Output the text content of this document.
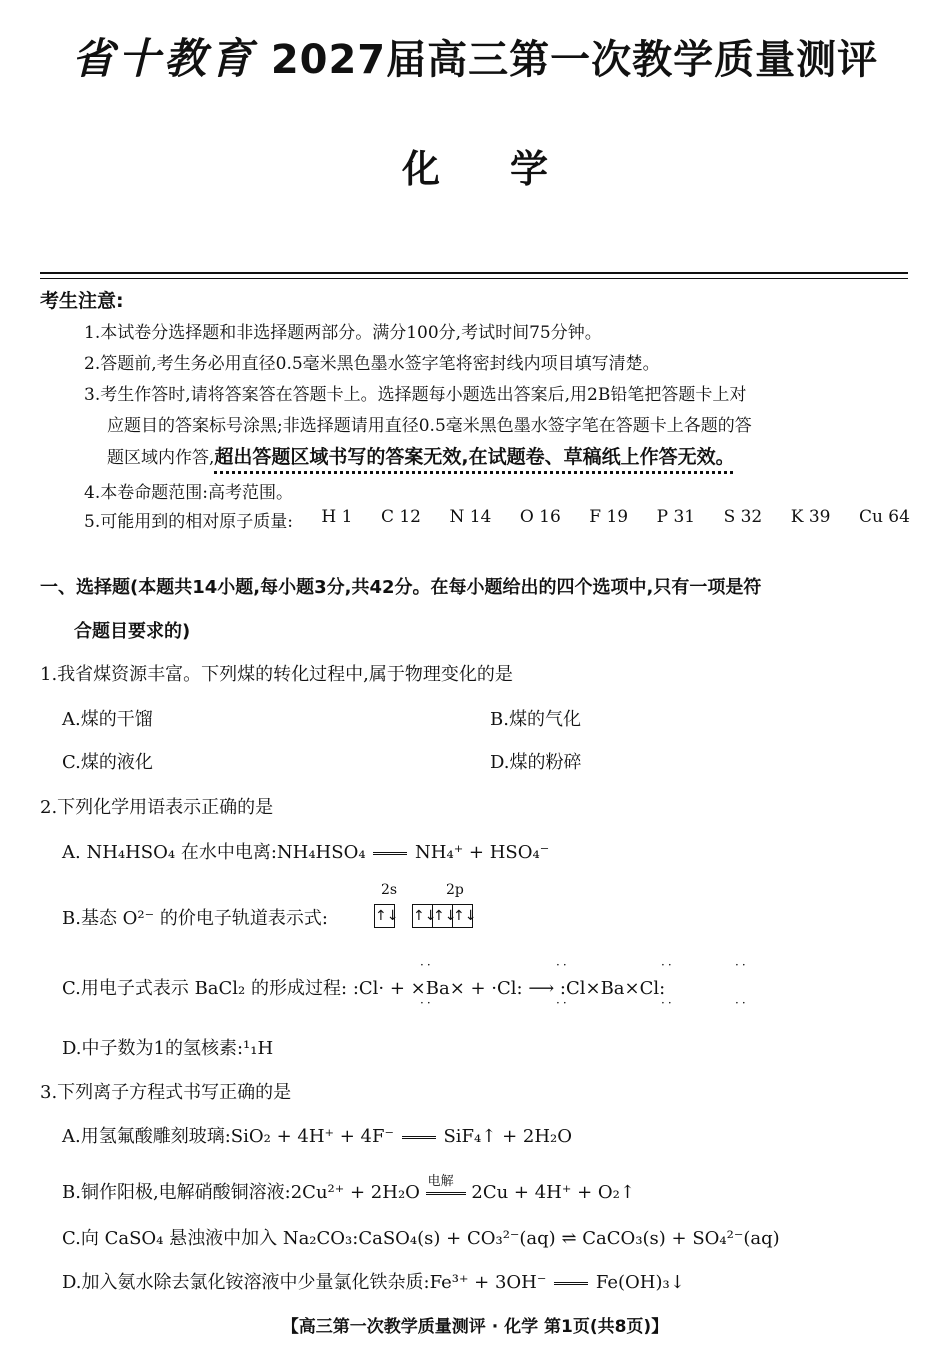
省十教育 2027届高三第一次教学质量测评
化学
考生注意:
1.本试卷分选择题和非选择题两部分。满分100分,考试时间75分钟。
2.答题前,考生务必用直径0.5毫米黑色墨水签字笔将密封线内项目填写清楚。
3.考生作答时,请将答案答在答题卡上。选择题每小题选出答案后,用2B铅笔把答题卡上对
应题目的答案标号涂黑;非选择题请用直径0.5毫米黑色墨水签字笔在答题卡上各题的答
题区域内作答,超出答题区域书写的答案无效,在试题卷、草稿纸上作答无效。
4.本卷命题范围:高考范围。
5.可能用到的相对原子质量: H 1 C 12 N 14 O 16 F 19 P 31 S 32 K 39 Cu 64
一、选择题(本题共14小题,每小题3分,共42分。在每小题给出的四个选项中,只有一项是符
合题目要求的)
1.我省煤资源丰富。下列煤的转化过程中,属于物理变化的是
A.煤的干馏	B.煤的气化
C.煤的液化	D.煤的粉碎
2.下列化学用语表示正确的是
A. NH₄HSO₄ 在水中电离:NH₄HSO₄	NH₄⁺ + HSO₄⁻
2s	2p
B.基态 O²⁻ 的价电子轨道表示式:	↑↓ ↑↓
↑↓
↑↓
C.用电子式表示 BaCl₂ 的形成过程: :Cl· + ×Ba× + ·Cl: ⟶ :Cl×Ba×Cl:
··
··
··
··
··
··
··
··
D.中子数为1的氢核素:¹₁H
3.下列离子方程式书写正确的是
A.用氢氟酸雕刻玻璃:SiO₂ + 4H⁺ + 4F⁻	SiF₄↑ + 2H₂O
B.铜作阳极,电解硝酸铜溶液:2Cu²⁺ + 2H₂O
电解
2Cu + 4H⁺ + O₂↑
C.向 CaSO₄ 悬浊液中加入 Na₂CO₃:CaSO₄(s) + CO₃²⁻(aq) ⇌ CaCO₃(s) + SO₄²⁻(aq)
D.加入氨水除去氯化铵溶液中少量氯化铁杂质:Fe³⁺ + 3OH⁻	Fe(OH)₃↓
【高三第一次教学质量测评 · 化学 第1页(共8页)】
